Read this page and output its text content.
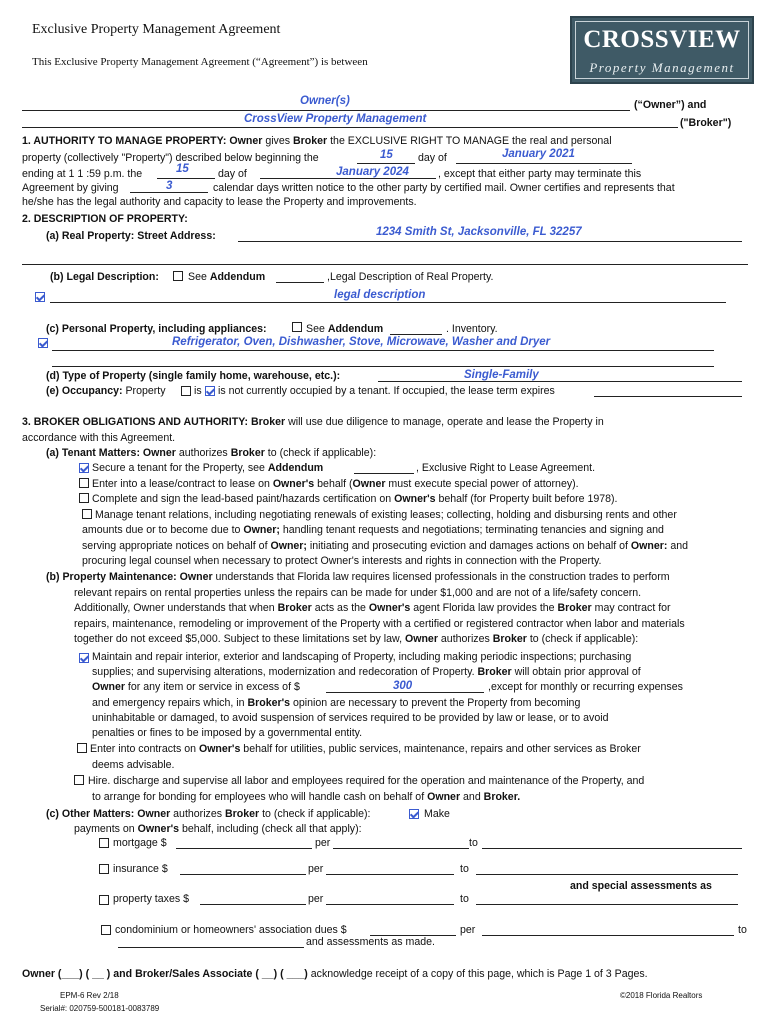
Exclusive Property Management Agreement
This Exclusive Property Management Agreement (“Agreement”) is between
CROSSVIEW
Property Management
Owner(s)	(“Owner”) and
CrossView Property Management	("Broker")
1. AUTHORITY TO MANAGE PROPERTY: Owner gives Broker the EXCLUSIVE RIGHT TO MANAGE the real and personal
property (collectively "Property") described below beginning the	15 day of	January 2021
ending at 1 1 :59 p.m. the	15	day of	January 2024	, except that either party may terminate this
Agreement by giving	3	calendar days written notice to the other party by certified mail. Owner certifies and represents that
he/she has the legal authority and capacity to lease the Property and improvements.
2. DESCRIPTION OF PROPERTY:
(a) Real Property: Street Address:	1234 Smith St, Jacksonville, FL 32257
(b) Legal Description:	See Addendum	,Legal Description of Real Property.
legal description
(c) Personal Property, including appliances:	See Addendum	. Inventory.
Refrigerator, Oven, Dishwasher, Stove, Microwave, Washer and Dryer
(d) Type of Property (single family home, warehouse, etc.):	Single-Family
(e) Occupancy: Property	is is not currently occupied by a tenant. If occupied, the lease term expires
3. BROKER OBLIGATIONS AND AUTHORITY: Broker will use due diligence to manage, operate and lease the Property in
accordance with this Agreement.
(a) Tenant Matters: Owner authorizes Broker to (check if applicable):
Secure a tenant for the Property, see Addendum	, Exclusive Right to Lease Agreement.
Enter into a lease/contract to lease on Owner's behalf (Owner must execute special power of attorney).
Complete and sign the lead-based paint/hazards certification on Owner's behalf (for Property built before 1978).
Manage tenant relations, including negotiating renewals of existing leases; collecting, holding and disbursing rents and other
amounts due or to become due to Owner; handling tenant requests and negotiations; terminating tenancies and signing and
serving appropriate notices on behalf of Owner; initiating and prosecuting eviction and damages actions on behalf of Owner: and
procuring legal counsel when necessary to protect Owner's interests and rights in connection with the Property.
(b) Property Maintenance: Owner understands that Florida law requires licensed professionals in the construction trades to perform
relevant repairs on rental properties unless the repairs can be made for under $1,000 and are not of a life/safety concern.
Additionally, Owner understands that when Broker acts as the Owner's agent Florida law provides the Broker may contract for
repairs, maintenance, remodeling or improvement of the Property with a certified or registered contractor when labor and materials
together do not exceed $5,000. Subject to these limitations set by law, Owner authorizes Broker to (check if applicable):
Maintain and repair interior, exterior and landscaping of Property, including making periodic inspections; purchasing
supplies; and supervising alterations, modernization and redecoration of Property. Broker will obtain prior approval of
Owner for any item or service in excess of $	300	,except for monthly or recurring expenses
and emergency repairs which, in Broker's opinion are necessary to prevent the Property from becoming
uninhabitable or damaged, to avoid suspension of services required to be provided by law or lease, or to avoid
penalties or fines to be imposed by a governmental entity.
Enter into contracts on Owner's behalf for utilities, public services, maintenance, repairs and other services as Broker
deems advisable.
Hire. discharge and supervise all labor and employees required for the operation and maintenance of the Property, and
to arrange for bonding for employees who will handle cash on behalf of Owner and Broker.
(c) Other Matters: Owner authorizes Broker to (check if applicable):	Make
payments on Owner's behalf, including (check all that apply):
mortgage $	per	to
insurance $	per	to
and special assessments as
property taxes $	per	to
condominium or homeowners' association dues $	per	to
and assessments as made.
Owner (___) ( __ ) and Broker/Sales Associate ( __) ( ___) acknowledge receipt of a copy of this page, which is Page 1 of 3 Pages.
EPM-6 Rev 2/18
Serial#: 020759-500181-0083789
©2018 Florida Realtors
